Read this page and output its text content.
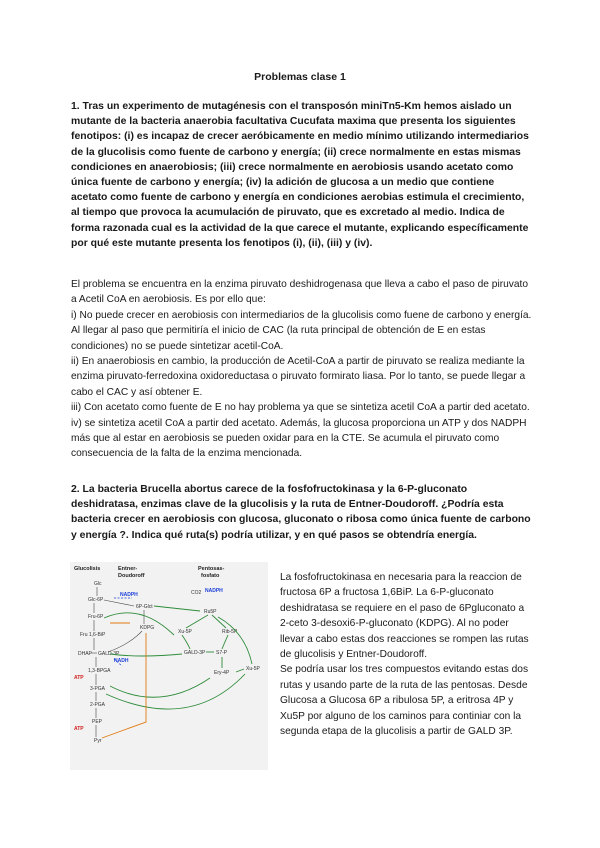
Problemas clase 1
1. Tras un experimento de mutagénesis con el transposón miniTn5-Km hemos aislado un mutante de la bacteria anaerobia facultativa Cucufata maxima que presenta los siguientes fenotipos: (i) es incapaz de crecer aeróbicamente en medio mínimo utilizando intermediarios de la glucolisis como fuente de carbono y energía; (ii) crece normalmente en estas mismas condiciones en anaerobiosis; (iii) crece normalmente en aerobiosis usando acetato como única fuente de carbono y energía; (iv) la adición de glucosa a un medio que contiene acetato como fuente de carbono y energía en condiciones aerobias estimula el crecimiento, al tiempo que provoca la acumulación de piruvato, que es excretado al medio. Indica de forma razonada cual es la actividad de la que carece el mutante, explicando específicamente por qué este mutante presenta los fenotipos (i), (ii), (iii) y (iv).

El problema se encuentra en la enzima piruvato deshidrogenasa que lleva a cabo el paso de piruvato a Acetil CoA en aerobiosis. Es por ello que:

i) No puede crecer en aerobiosis con intermediarios de la glucolisis como fuene de carbono y energía. Al llegar al paso que permitiría el inicio de CAC (la ruta principal de obtención de E en estas condiciones) no se puede sintetizar acetil-CoA.

ii) En anaerobiosis en cambio, la producción de Acetil-CoA a partir de piruvato se realiza mediante la enzima piruvato-ferredoxina oxidoreductasa o piruvato formirato liasa. Por lo tanto, se puede llegar a cabo el CAC y así obtener E.

iii) Con acetato como fuente de E no hay problema ya que se sintetiza acetil CoA a partir ded acetato.

iv) se sintetiza acetil CoA a partir ded acetato. Además, la glucosa proporciona un ATP y dos NADPH más que al estar en aerobiosis se pueden oxidar para en la CTE. Se acumula el piruvato como consecuencia de la falta de la enzima mencionada.

2. La bacteria Brucella abortus carece de la fosfofructokinasa y la 6-P-gluconato deshidratasa, enzimas clave de la glucolisis y la ruta de Entner-Doudoroff. ¿Podría esta bacteria crecer en aerobiosis con glucosa, gluconato o ribosa como única fuente de carbono y energía ?. Indica qué ruta(s) podría utilizar, y en qué pasos se obtendría energía.
Glucolisis	Entner-
Doudoroff
Pentosas-
fosfato
Glc
Glc-6P
Fru-6P
Fru 1,6-BiP
DHAP GALD-3P
1,3-BPGA
3-PGA
2-PGA
PEP
Pyr
ATP
ATP
NADH
NADPH
6P-Glct
KDPG
CO2 NADPH
Ru5P
Xu-5P	Rib-5P
GALD-3P S7-P
Ery-4P
Xu-5P

La fosfofructokinasa en necesaria para la reaccion de fructosa 6P a fructosa 1,6BiP. La 6-P-gluconato deshidratasa se requiere en el paso de 6Pgluconato a 2-ceto 3-desoxi6-P-gluconato (KDPG). Al no poder llevar a cabo estas dos reacciones se rompen las rutas de glucolisis y Entner-Doudoroff.

Se podría usar los tres compuestos evitando estas dos rutas y usando parte de la ruta de las pentosas. Desde Glucosa a Glucosa 6P a ribulosa 5P, a eritrosa 4P y Xu5P por alguno de los caminos para continiar con la segunda etapa de la glucolisis a partir de GALD 3P.
